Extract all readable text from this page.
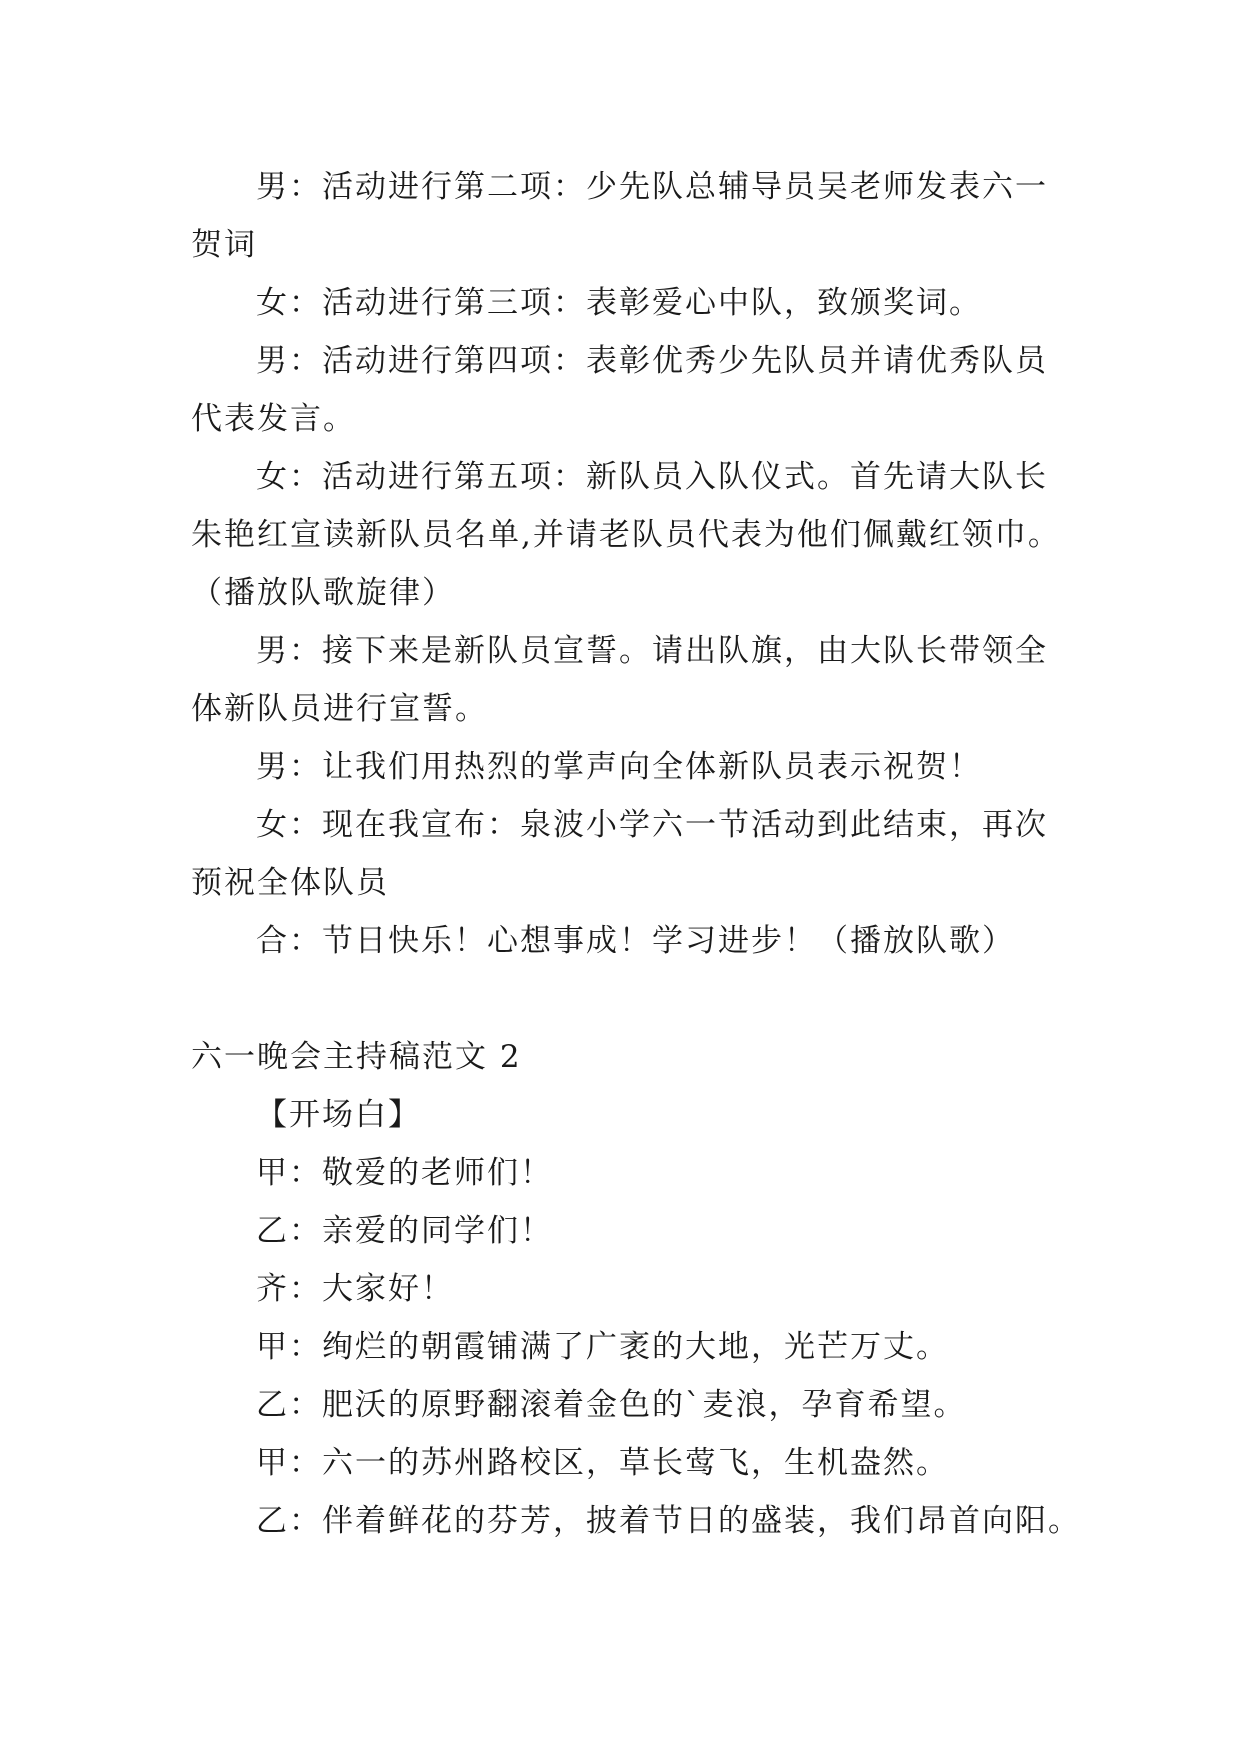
男：活动进行第二项：少先队总辅导员吴老师发表六一

贺词

女：活动进行第三项：表彰爱心中队，致颁奖词。

男：活动进行第四项：表彰优秀少先队员并请优秀队员

代表发言。

女：活动进行第五项：新队员入队仪式。首先请大队长

朱艳红宣读新队员名单,并请老队员代表为他们佩戴红领巾。

（播放队歌旋律）

男：接下来是新队员宣誓。请出队旗，由大队长带领全

体新队员进行宣誓。

男：让我们用热烈的掌声向全体新队员表示祝贺！

女：现在我宣布：泉波小学六一节活动到此结束，再次

预祝全体队员

合：节日快乐！心想事成！学习进步！（播放队歌）

六一晚会主持稿范文 2

【开场白】

甲：敬爱的老师们！

乙：亲爱的同学们！

齐：大家好！

甲：绚烂的朝霞铺满了广袤的大地，光芒万丈。

乙：肥沃的原野翻滚着金色的`麦浪，孕育希望。

甲：六一的苏州路校区，草长莺飞，生机盎然。

乙：伴着鲜花的芬芳，披着节日的盛装，我们昂首向阳。
